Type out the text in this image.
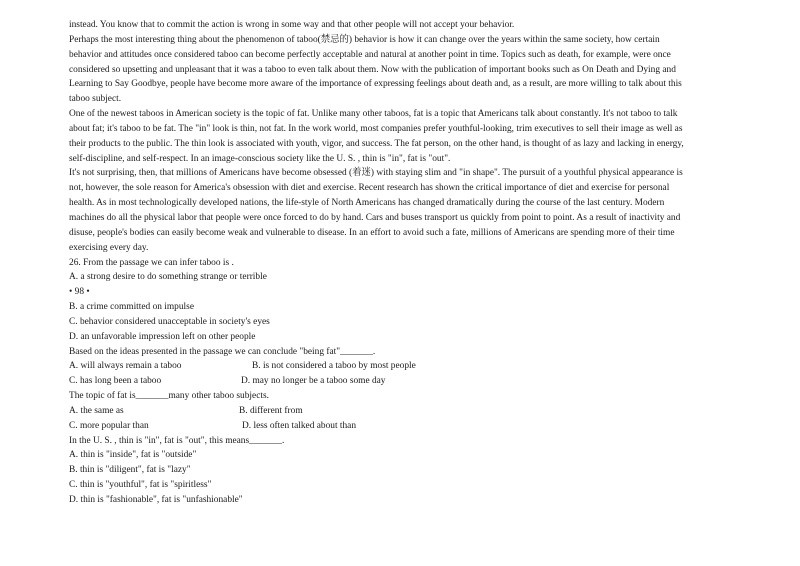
instead. You know that to commit the action is wrong in some way and that other people will not accept your behavior.
Perhaps the most interesting thing about the phenomenon of taboo(禁忌的) behavior is how it can change over the years within the same society, how certain
behavior and attitudes once considered taboo can become perfectly acceptable and natural at another point in time. Topics such as death, for example, were once
considered so upsetting and unpleasant that it was a taboo to even talk about them. Now with the publication of important books such as On Death and Dying and
Learning to Say Goodbye, people have become more aware of the importance of expressing feelings about death and, as a result, are more willing to talk about this
taboo subject.
One of the newest taboos in American society is the topic of fat. Unlike many other taboos, fat is a topic that Americans talk about constantly. It's not taboo to talk
about fat; it's taboo to be fat. The "in" look is thin, not fat. In the work world, most companies prefer youthful-looking, trim executives to sell their image as well as
their products to the public. The thin look is associated with youth, vigor, and success. The fat person, on the other hand, is thought of as lazy and lacking in energy,
self-discipline, and self-respect. In an image-conscious society like the U. S. , thin is "in", fat is "out".
It's not surprising, then, that millions of Americans have become obsessed (着迷) with staying slim and "in shape". The pursuit of a youthful physical appearance is
not, however, the sole reason for America's obsession with diet and exercise. Recent research has shown the critical importance of diet and exercise for personal
health. As in most technologically developed nations, the life-style of North Americans has changed dramatically during the course of the last century. Modern
machines do all the physical labor that people were once forced to do by hand. Cars and buses transport us quickly from point to point. As a result of inactivity and
disuse, people's bodies can easily become weak and vulnerable to disease. In an effort to avoid such a fate, millions of Americans are spending more of their time
exercising every day.
26. From the passage we can infer taboo is .
A. a strong desire to do something strange or terrible
• 98 •
B. a crime committed on impulse
C. behavior considered unacceptable in society's eyes
D. an unfavorable impression left on other people
Based on the ideas presented in the passage we can conclude "being fat"_______.
A. will always remain a taboo	B. is not considered a taboo by most people
C. has long been a taboo	D. may no longer be a taboo some day
The topic of fat is_______many other taboo subjects.
A. the same as	B. different from
C. more popular than	D. less often talked about than
In the U. S. , thin is "in", fat is "out", this means_______.
A. thin is "inside", fat is "outside"
B. thin is "diligent", fat is "lazy"
C. thin is "youthful", fat is "spiritless"
D. thin is "fashionable", fat is "unfashionable"
